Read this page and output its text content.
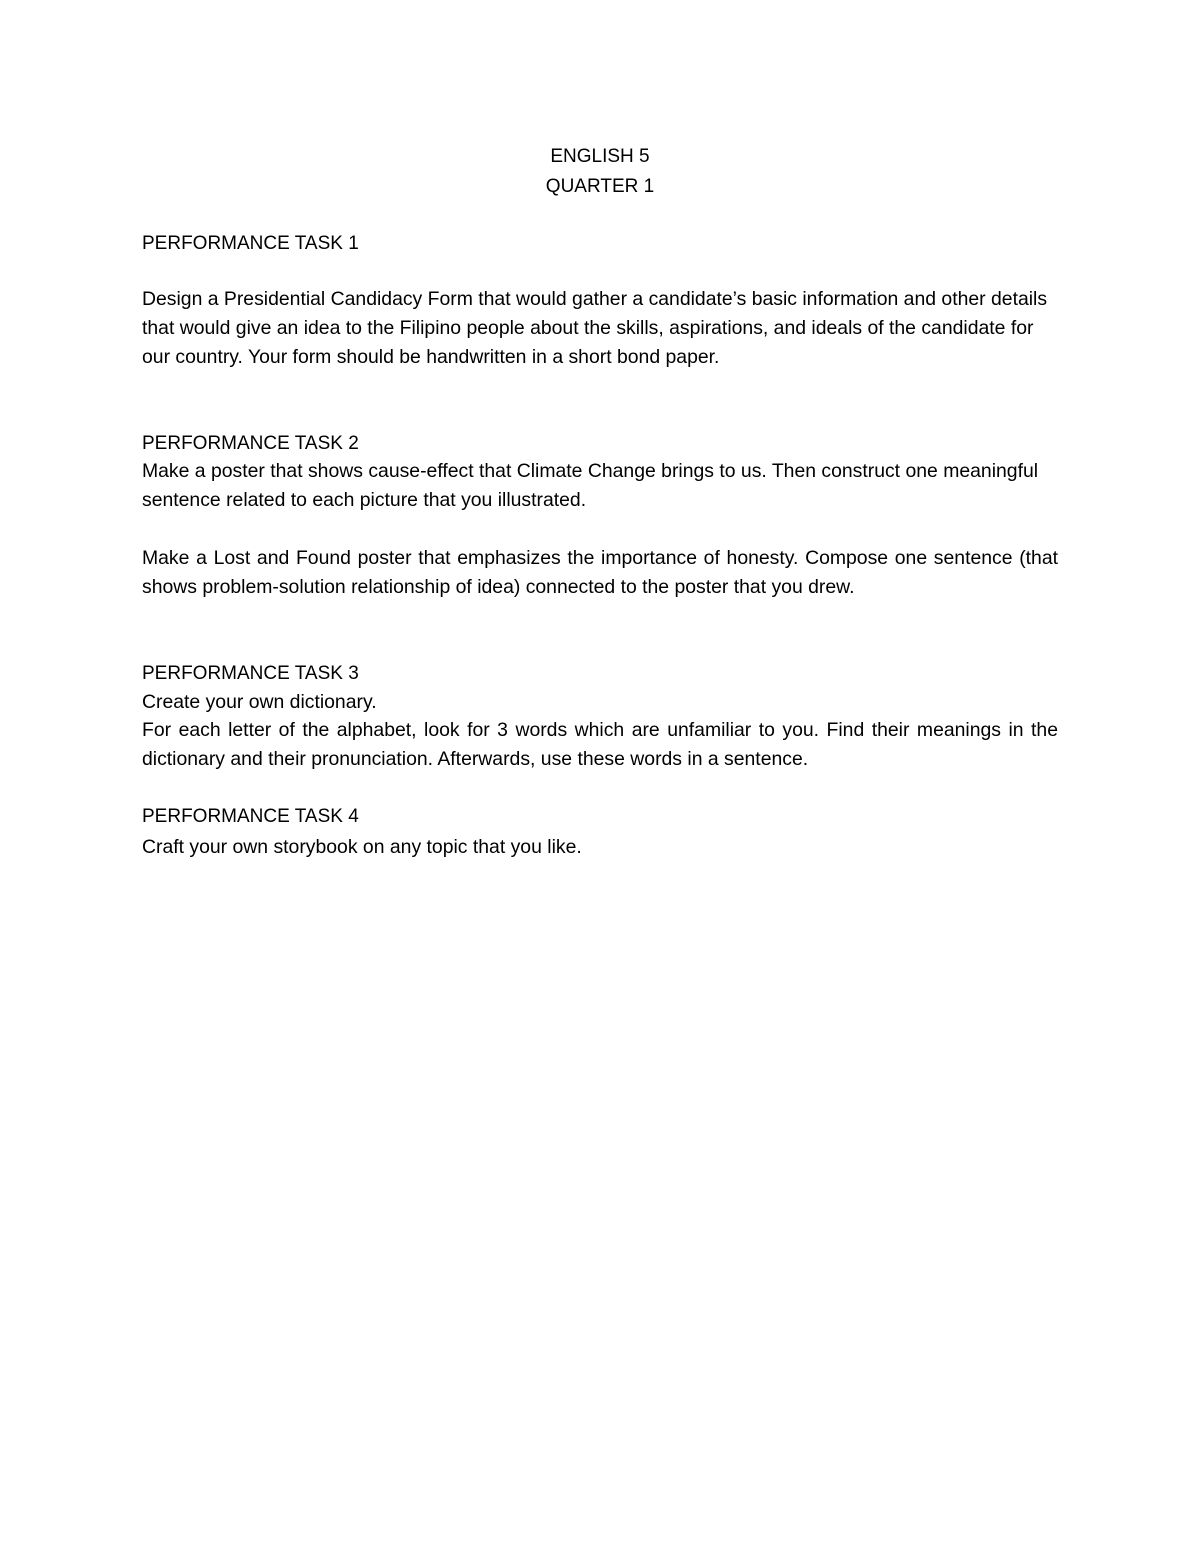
ENGLISH 5
QUARTER 1
PERFORMANCE TASK 1

Design a Presidential Candidacy Form that would gather a candidate’s basic information and other details that would give an idea to the Filipino people about the skills, aspirations, and ideals of the candidate for our country. Your form should be handwritten in a short bond paper.

PERFORMANCE TASK 2

Make a poster that shows cause-effect that Climate Change brings to us. Then construct one meaningful sentence related to each picture that you illustrated.

Make a Lost and Found poster that emphasizes the importance of honesty. Compose one sentence (that shows problem-solution relationship of idea) connected to the poster that you drew.

PERFORMANCE TASK 3
Create your own dictionary.

For each letter of the alphabet, look for 3 words which are unfamiliar to you. Find their meanings in the dictionary and their pronunciation. Afterwards, use these words in a sentence.

PERFORMANCE TASK 4
Craft your own storybook on any topic that you like.
